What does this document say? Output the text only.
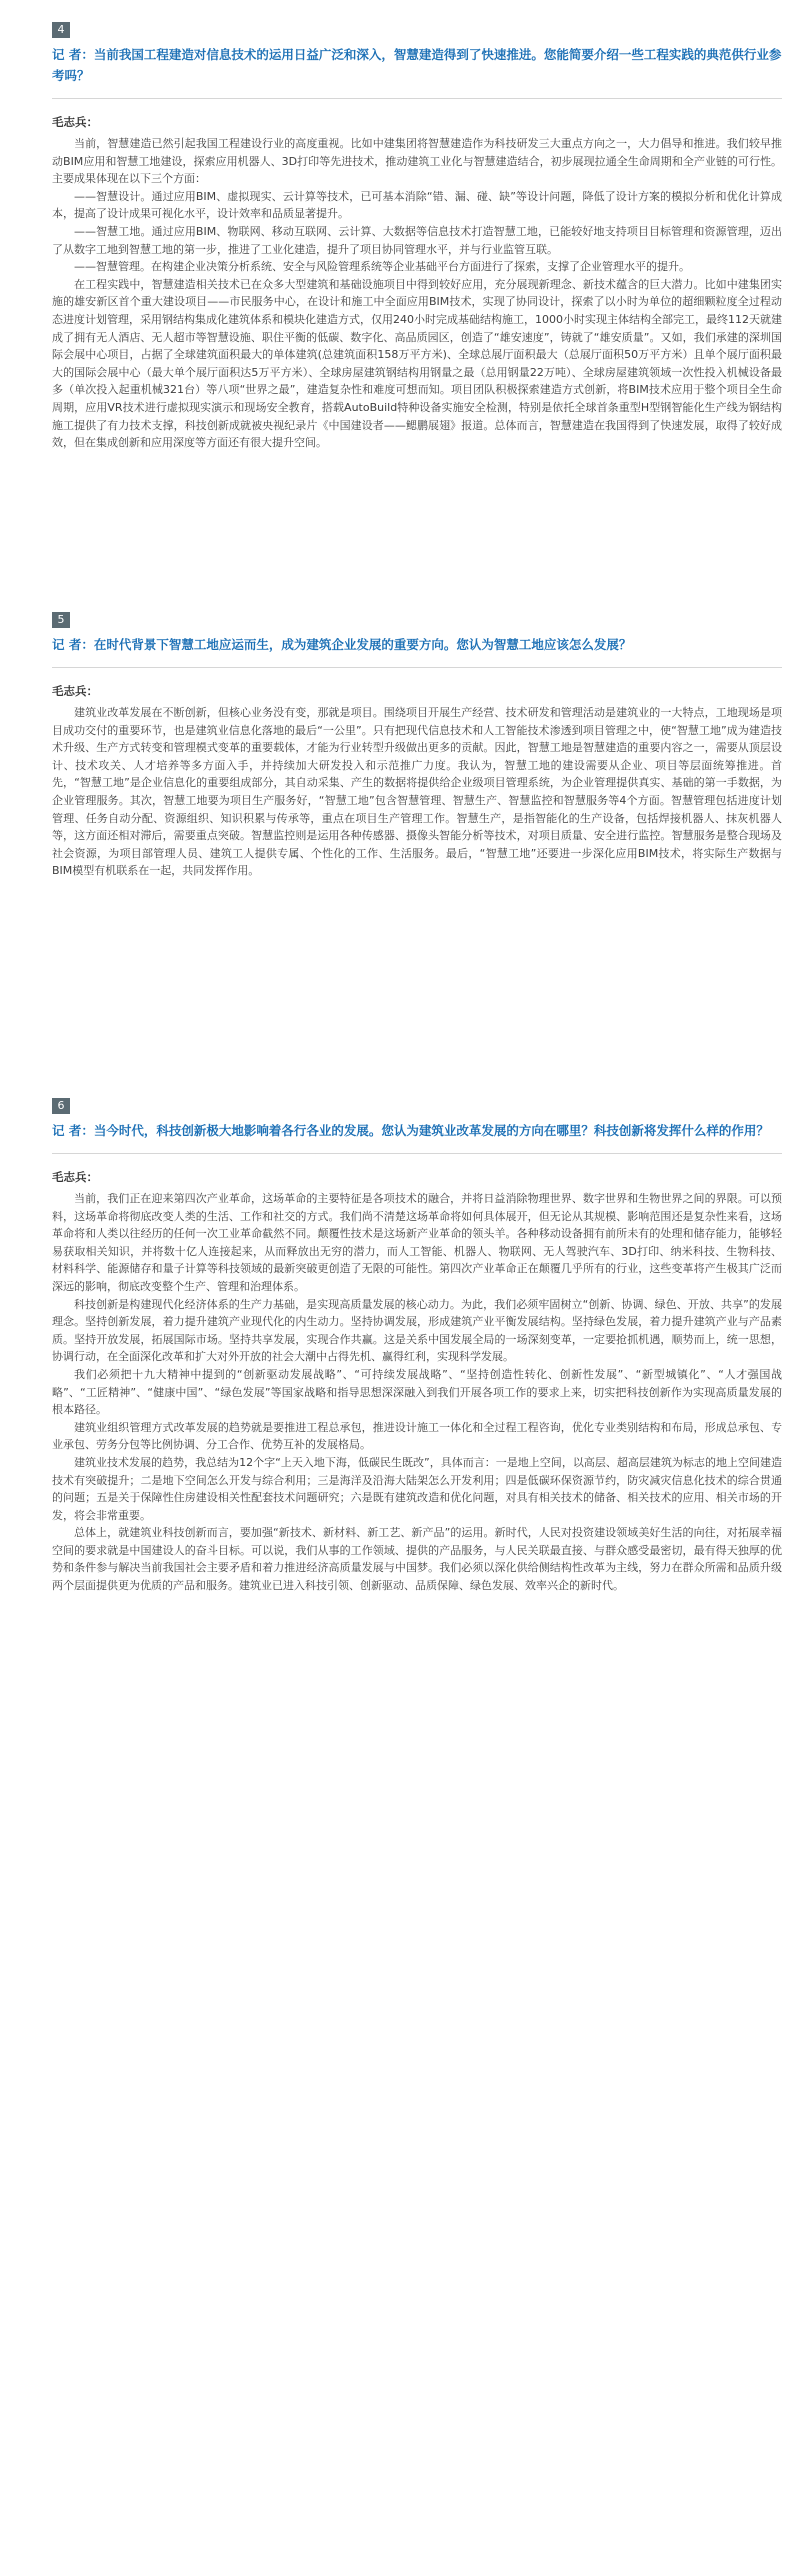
4

记 者：当前我国工程建造对信息技术的运用日益广泛和深入，智慧建造得到了快速推进。您能简要介绍一些工程实践的典范供行业参考吗？

毛志兵：

当前，智慧建造已然引起我国工程建设行业的高度重视。比如中建集团将智慧建造作为科技研发三大重点方向之一，大力倡导和推进。我们较早推动BIM应用和智慧工地建设，探索应用机器人、3D打印等先进技术，推动建筑工业化与智慧建造结合，初步展现拉通全生命周期和全产业链的可行性。主要成果体现在以下三个方面：

——智慧设计。通过应用BIM、虚拟现实、云计算等技术，已可基本消除“错、漏、碰、缺”等设计问题，降低了设计方案的模拟分析和优化计算成本，提高了设计成果可视化水平，设计效率和品质显著提升。

——智慧工地。通过应用BIM、物联网、移动互联网、云计算、大数据等信息技术打造智慧工地，已能较好地支持项目目标管理和资源管理，迈出了从数字工地到智慧工地的第一步，推进了工业化建造，提升了项目协同管理水平，并与行业监管互联。

——智慧管理。在构建企业决策分析系统、安全与风险管理系统等企业基础平台方面进行了探索，支撑了企业管理水平的提升。

在工程实践中，智慧建造相关技术已在众多大型建筑和基础设施项目中得到较好应用，充分展现新理念、新技术蕴含的巨大潜力。比如中建集团实施的雄安新区首个重大建设项目——市民服务中心，在设计和施工中全面应用BIM技术，实现了协同设计，探索了以小时为单位的超细颗粒度全过程动态进度计划管理，采用钢结构集成化建筑体系和模块化建造方式，仅用240小时完成基础结构施工，1000小时实现主体结构全部完工，最终112天就建成了拥有无人酒店、无人超市等智慧设施、职住平衡的低碳、数字化、高品质园区，创造了“雄安速度”，铸就了“雄安质量”。又如，我们承建的深圳国际会展中心项目，占据了全球建筑面积最大的单体建筑(总建筑面积158万平方米)、全球总展厅面积最大（总展厅面积50万平方米）且单个展厅面积最大的国际会展中心（最大单个展厅面积达5万平方米）、全球房屋建筑钢结构用钢量之最（总用钢量22万吨）、全球房屋建筑领域一次性投入机械设备最多（单次投入起重机械321台）等八项“世界之最”，建造复杂性和难度可想而知。项目团队积极探索建造方式创新，将BIM技术应用于整个项目全生命周期，应用VR技术进行虚拟现实演示和现场安全教育，搭载AutoBuild特种设备实施安全检测，特别是依托全球首条重型H型钢智能化生产线为钢结构施工提供了有力技术支撑，科技创新成就被央视纪录片《中国建设者——鳃鹏展翅》报道。总体而言，智慧建造在我国得到了快速发展，取得了较好成效，但在集成创新和应用深度等方面还有很大提升空间。

5

记 者：在时代背景下智慧工地应运而生，成为建筑企业发展的重要方向。您认为智慧工地应该怎么发展？

毛志兵：

建筑业改革发展在不断创新，但核心业务没有变，那就是项目。围绕项目开展生产经营、技术研发和管理活动是建筑业的一大特点，工地现场是项目成功交付的重要环节，也是建筑业信息化落地的最后“一公里”。只有把现代信息技术和人工智能技术渗透到项目管理之中，使“智慧工地”成为建造技术升级、生产方式转变和管理模式变革的重要载体，才能为行业转型升级做出更多的贡献。因此，智慧工地是智慧建造的重要内容之一，需要从顶层设计、技术攻关、人才培养等多方面入手，并持续加大研发投入和示范推广力度。我认为，智慧工地的建设需要从企业、项目等层面统筹推进。首先，“智慧工地”是企业信息化的重要组成部分，其自动采集、产生的数据将提供给企业级项目管理系统，为企业管理提供真实、基础的第一手数据，为企业管理服务。其次，智慧工地要为项目生产服务好，“智慧工地”包含智慧管理、智慧生产、智慧监控和智慧服务等4个方面。智慧管理包括进度计划管理、任务自动分配、资源组织、知识积累与传承等，重点在项目生产管理工作。智慧生产，是指智能化的生产设备，包括焊接机器人、抹灰机器人等，这方面还相对滞后，需要重点突破。智慧监控则是运用各种传感器、摄像头智能分析等技术，对项目质量、安全进行监控。智慧服务是整合现场及社会资源，为项目部管理人员、建筑工人提供专属、个性化的工作、生活服务。最后，“智慧工地”还要进一步深化应用BIM技术，将实际生产数据与BIM模型有机联系在一起，共同发挥作用。

6

记 者：当今时代，科技创新极大地影响着各行各业的发展。您认为建筑业改革发展的方向在哪里？科技创新将发挥什么样的作用？

毛志兵：

当前，我们正在迎来第四次产业革命，这场革命的主要特征是各项技术的融合，并将日益消除物理世界、数字世界和生物世界之间的界限。可以预料，这场革命将彻底改变人类的生活、工作和社交的方式。我们尚不清楚这场革命将如何具体展开，但无论从其规模、影响范围还是复杂性来看，这场革命将和人类以往经历的任何一次工业革命截然不同。颠覆性技术是这场新产业革命的领头羊。各种移动设备拥有前所未有的处理和储存能力，能够轻易获取相关知识，并将数十亿人连接起来，从而释放出无穷的潜力，而人工智能、机器人、物联网、无人驾驶汽车、3D打印、纳米科技、生物科技、材料科学、能源储存和量子计算等科技领域的最新突破更创造了无限的可能性。第四次产业革命正在颠覆几乎所有的行业，这些变革将产生极其广泛而深远的影响，彻底改变整个生产、管理和治理体系。

科技创新是构建现代化经济体系的生产力基础，是实现高质量发展的核心动力。为此，我们必须牢固树立“创新、协调、绿色、开放、共享”的发展理念。坚持创新发展，着力提升建筑产业现代化的内生动力。坚持协调发展，形成建筑产业平衡发展结构。坚持绿色发展，着力提升建筑产业与产品素质。坚持开放发展，拓展国际市场。坚持共享发展，实现合作共赢。这是关系中国发展全局的一场深刻变革，一定要抢抓机遇，顺势而上，统一思想，协调行动，在全面深化改革和扩大对外开放的社会大潮中占得先机、赢得红利，实现科学发展。

我们必须把十九大精神中提到的“创新驱动发展战略”、“可持续发展战略”、“坚持创造性转化、创新性发展”、“新型城镇化”、“人才强国战略”、“工匠精神”、“健康中国”、“绿色发展”等国家战略和指导思想深深融入到我们开展各项工作的要求上来，切实把科技创新作为实现高质量发展的根本路径。

建筑业组织管理方式改革发展的趋势就是要推进工程总承包，推进设计施工一体化和全过程工程咨询，优化专业类别结构和布局，形成总承包、专业承包、劳务分包等比例协调、分工合作、优势互补的发展格局。

建筑业技术发展的趋势，我总结为12个字“上天入地下海，低碳民生既改”，具体而言：一是地上空间，以高层、超高层建筑为标志的地上空间建造技术有突破提升；二是地下空间怎么开发与综合利用；三是海洋及沿海大陆架怎么开发利用；四是低碳环保资源节约，防灾减灾信息化技术的综合贯通的问题；五是关于保障性住房建设相关性配套技术问题研究；六是既有建筑改造和优化问题，对具有相关技术的储备、相关技术的应用、相关市场的开发，将会非常重要。

总体上，就建筑业科技创新而言，要加强“新技术、新材料、新工艺、新产品”的运用。新时代，人民对投资建设领域美好生活的向往，对拓展幸福空间的要求就是中国建设人的奋斗目标。可以说，我们从事的工作领域、提供的产品服务，与人民关联最直接、与群众感受最密切，最有得天独厚的优势和条件参与解决当前我国社会主要矛盾和着力推进经济高质量发展与中国梦。我们必须以深化供给侧结构性改革为主线，努力在群众所需和品质升级两个层面提供更为优质的产品和服务。建筑业已进入科技引领、创新驱动、品质保障、绿色发展、效率兴企的新时代。
